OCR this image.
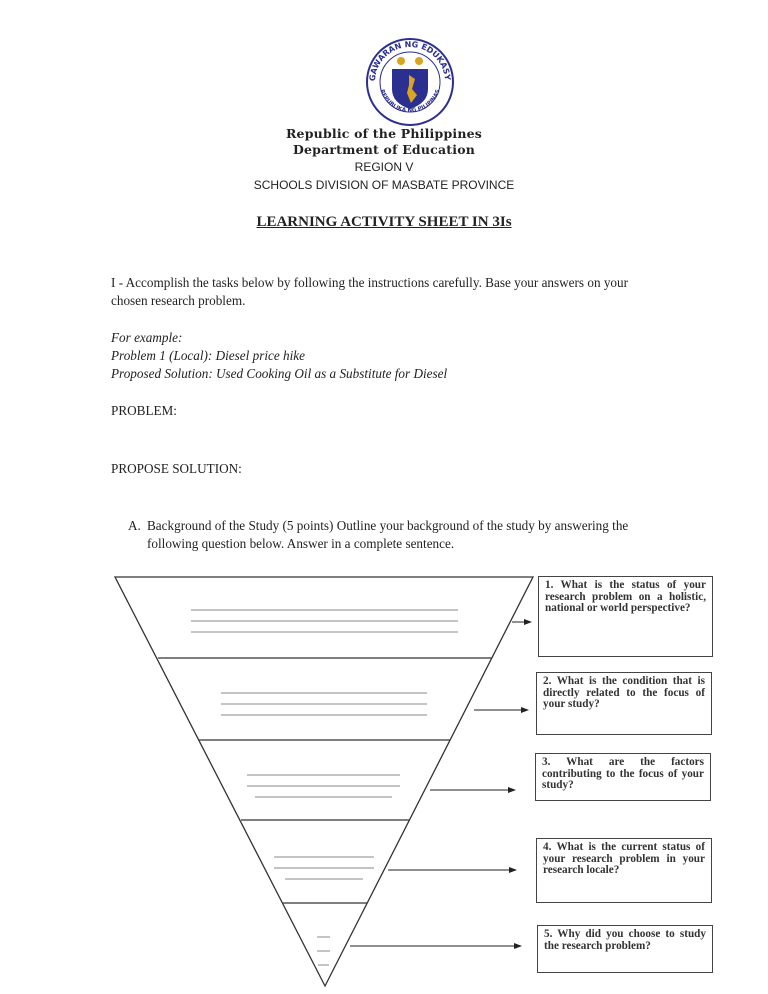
GAWARAN NG EDUKASY
REPUBLIKA NG PILIPINAS
Republic of the Philippines
Department of Education
REGION V
SCHOOLS DIVISION OF MASBATE PROVINCE
LEARNING ACTIVITY SHEET IN 3Is
I - Accomplish the tasks below by following the instructions carefully. Base your answers on your
chosen research problem.
For example:
Problem 1 (Local): Diesel price hike
Proposed Solution: Used Cooking Oil as a Substitute for Diesel
PROBLEM:
PROPOSE SOLUTION:
A. Background of the Study (5 points) Outline your background of the study by answering the
following question below. Answer in a complete sentence.
1. What is the status of your research problem on a holistic, national or world perspective?
2. What is the condition that is directly related to the focus of your study?
3. What are the factors contributing to the focus of your study?
4. What is the current status of your research problem in your research locale?
5. Why did you choose to study the research problem?
